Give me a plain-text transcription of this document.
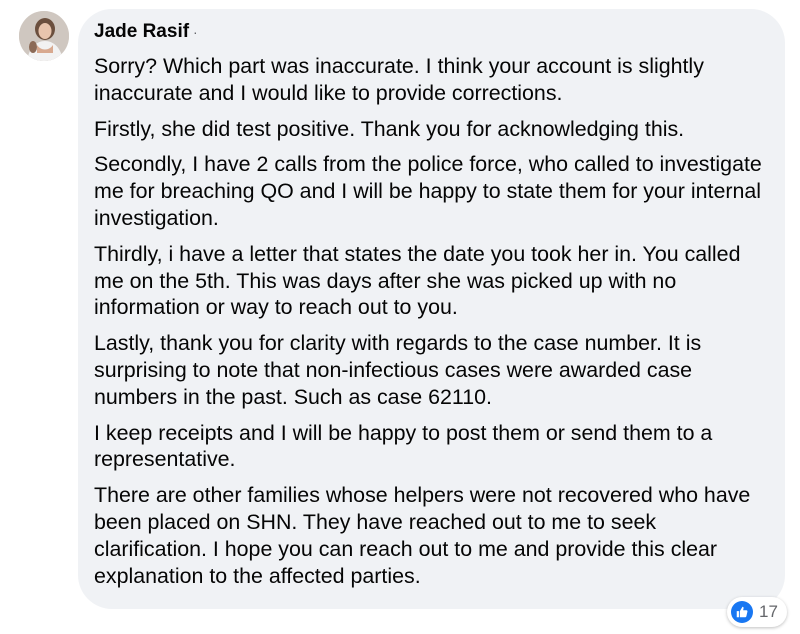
Jade Rasif ·

Sorry? Which part was inaccurate. I think your account is slightly inaccurate and I would like to provide corrections.

Firstly, she did test positive. Thank you for acknowledging this.

Secondly, I have 2 calls from the police force, who called to investigate me for breaching QO and I will be happy to state them for your internal investigation.

Thirdly, i have a letter that states the date you took her in. You called me on the 5th. This was days after she was picked up with no information or way to reach out to you.

Lastly, thank you for clarity with regards to the case number. It is surprising to note that non-infectious cases were awarded case numbers in the past. Such as case 62110.

I keep receipts and I will be happy to post them or send them to a representative.

There are other families whose helpers were not recovered who have been placed on SHN. They have reached out to me to seek clarification. I hope you can reach out to me and provide this clear explanation to the affected parties.

17
